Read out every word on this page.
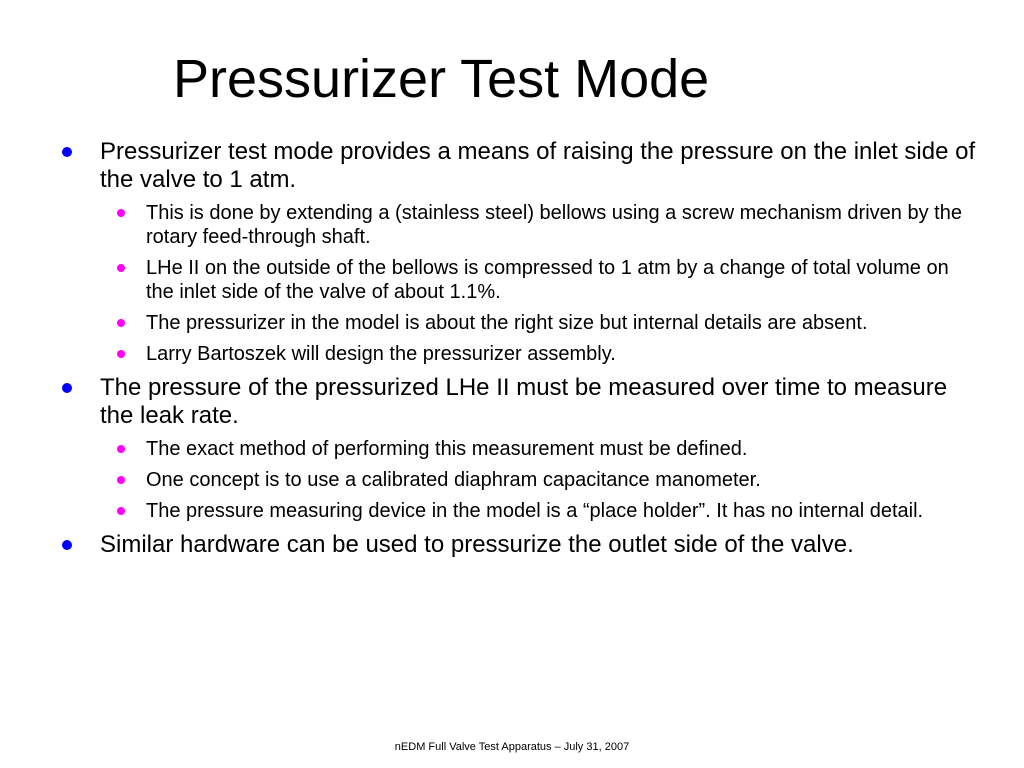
Pressurizer Test Mode
Pressurizer test mode provides a means of raising the pressure on the inlet side of the valve to 1 atm.
This is done by extending a (stainless steel) bellows using a screw mechanism driven by the rotary feed-through shaft.
LHe II on the outside of the bellows is compressed to 1 atm by a change of total volume on the inlet side of the valve of about 1.1%.
The pressurizer in the model is about the right size but internal details are absent.
Larry Bartoszek will design the pressurizer assembly.
The pressure of the pressurized LHe II must be measured over time to measure the leak rate.
The exact method of performing this measurement must be defined.
One concept is to use a calibrated diaphram capacitance manometer.
The pressure measuring device in the model is a “place holder”. It has no internal detail.
Similar hardware can be used to pressurize the outlet side of the valve.
nEDM Full Valve Test Apparatus – July 31, 2007
